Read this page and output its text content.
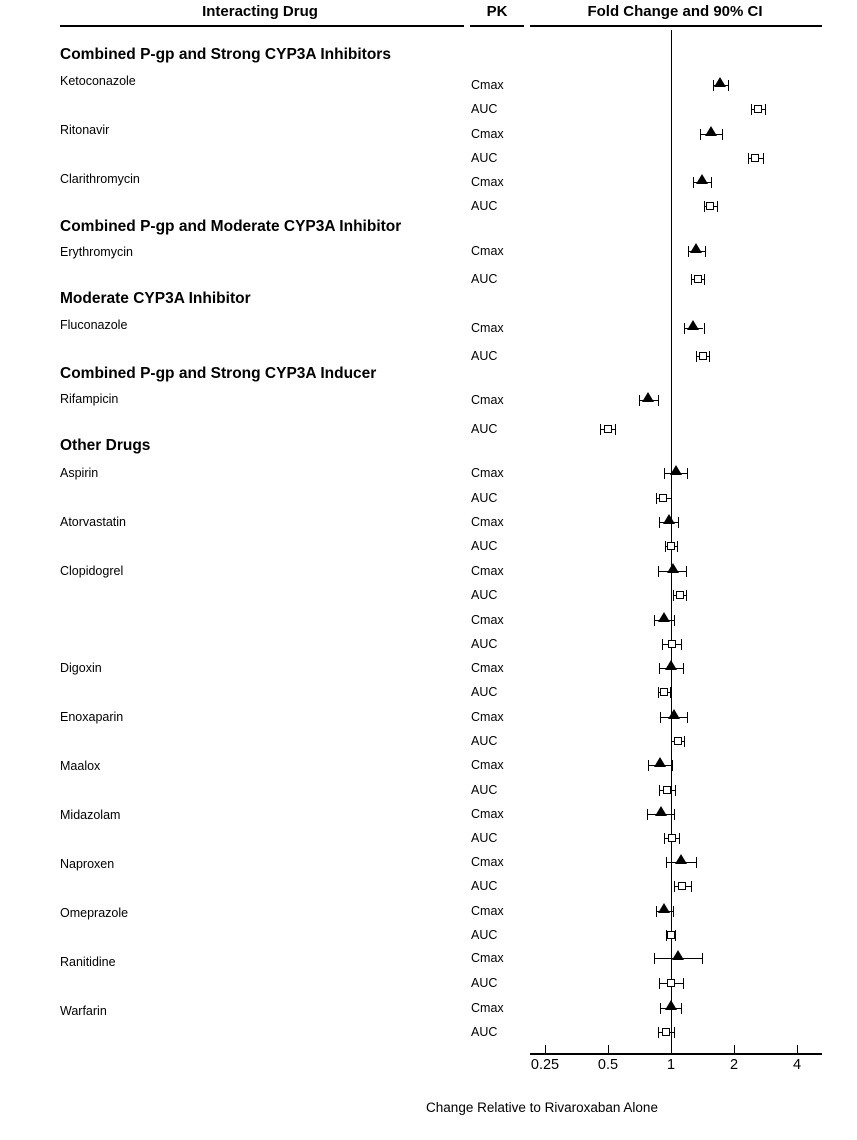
Interacting Drug	PK	Fold Change and 90% CI
Combined P-gp and Strong CYP3A Inhibitors
Ketoconazole	Cmax
AUC
Ritonavir	Cmax
AUC
Clarithromycin	Cmax
AUC
Combined P-gp and Moderate CYP3A Inhibitor
Erythromycin	Cmax
AUC
Moderate CYP3A Inhibitor
Fluconazole	Cmax
AUC
Combined P-gp and Strong CYP3A Inducer
Rifampicin	Cmax
AUC
Other Drugs
Aspirin	Cmax
AUC
Atorvastatin	Cmax
AUC
Clopidogrel	Cmax
AUC
Cmax
AUC
Digoxin	Cmax
AUC
Enoxaparin	Cmax
AUC
Maalox	Cmax
AUC
Midazolam	Cmax
AUC
Naproxen	Cmax
AUC
Omeprazole	Cmax
AUC
Ranitidine	Cmax
AUC
Warfarin	Cmax
AUC
0.25	0.5	1	2	4
Change Relative to Rivaroxaban Alone
